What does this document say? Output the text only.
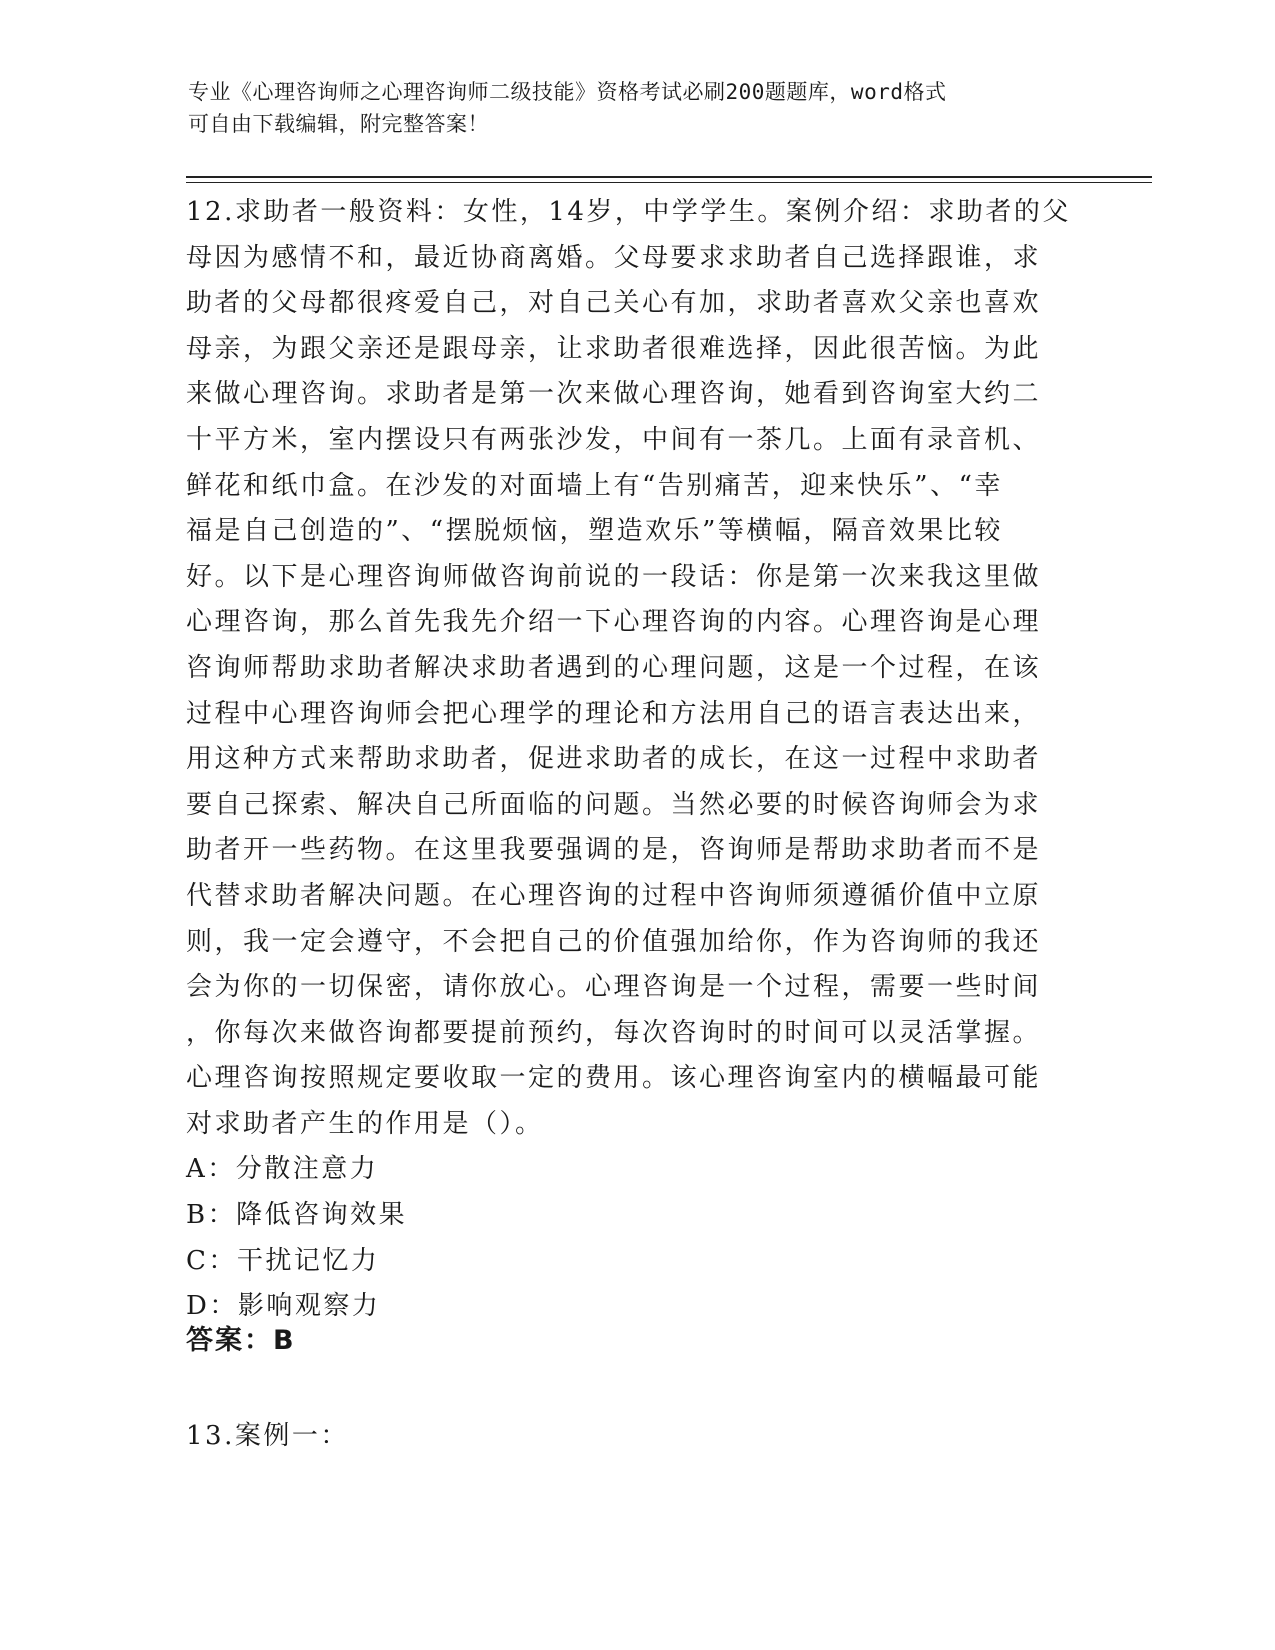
专业《心理咨询师之心理咨询师二级技能》资格考试必刷200题题库，word格式
可自由下载编辑，附完整答案！
12.求助者一般资料：女性，14岁，中学学生。案例介绍：求助者的父
母因为感情不和，最近协商离婚。父母要求求助者自己选择跟谁，求
助者的父母都很疼爱自己，对自己关心有加，求助者喜欢父亲也喜欢
母亲，为跟父亲还是跟母亲，让求助者很难选择，因此很苦恼。为此
来做心理咨询。求助者是第一次来做心理咨询，她看到咨询室大约二
十平方米，室内摆设只有两张沙发，中间有一茶几。上面有录音机、
鲜花和纸巾盒。在沙发的对面墙上有“告别痛苦，迎来快乐”、“幸
福是自己创造的”、“摆脱烦恼，塑造欢乐”等横幅，隔音效果比较
好。以下是心理咨询师做咨询前说的一段话：你是第一次来我这里做
心理咨询，那么首先我先介绍一下心理咨询的内容。心理咨询是心理
咨询师帮助求助者解决求助者遇到的心理问题，这是一个过程，在该
过程中心理咨询师会把心理学的理论和方法用自己的语言表达出来，
用这种方式来帮助求助者，促进求助者的成长，在这一过程中求助者
要自己探索、解决自己所面临的问题。当然必要的时候咨询师会为求
助者开一些药物。在这里我要强调的是，咨询师是帮助求助者而不是
代替求助者解决问题。在心理咨询的过程中咨询师须遵循价值中立原
则，我一定会遵守，不会把自己的价值强加给你，作为咨询师的我还
会为你的一切保密，请你放心。心理咨询是一个过程，需要一些时间
，你每次来做咨询都要提前预约，每次咨询时的时间可以灵活掌握。
心理咨询按照规定要收取一定的费用。该心理咨询室内的横幅最可能
对求助者产生的作用是（）。
A：分散注意力
B：降低咨询效果
C：干扰记忆力
D：影响观察力
答案：B
13.案例一：
